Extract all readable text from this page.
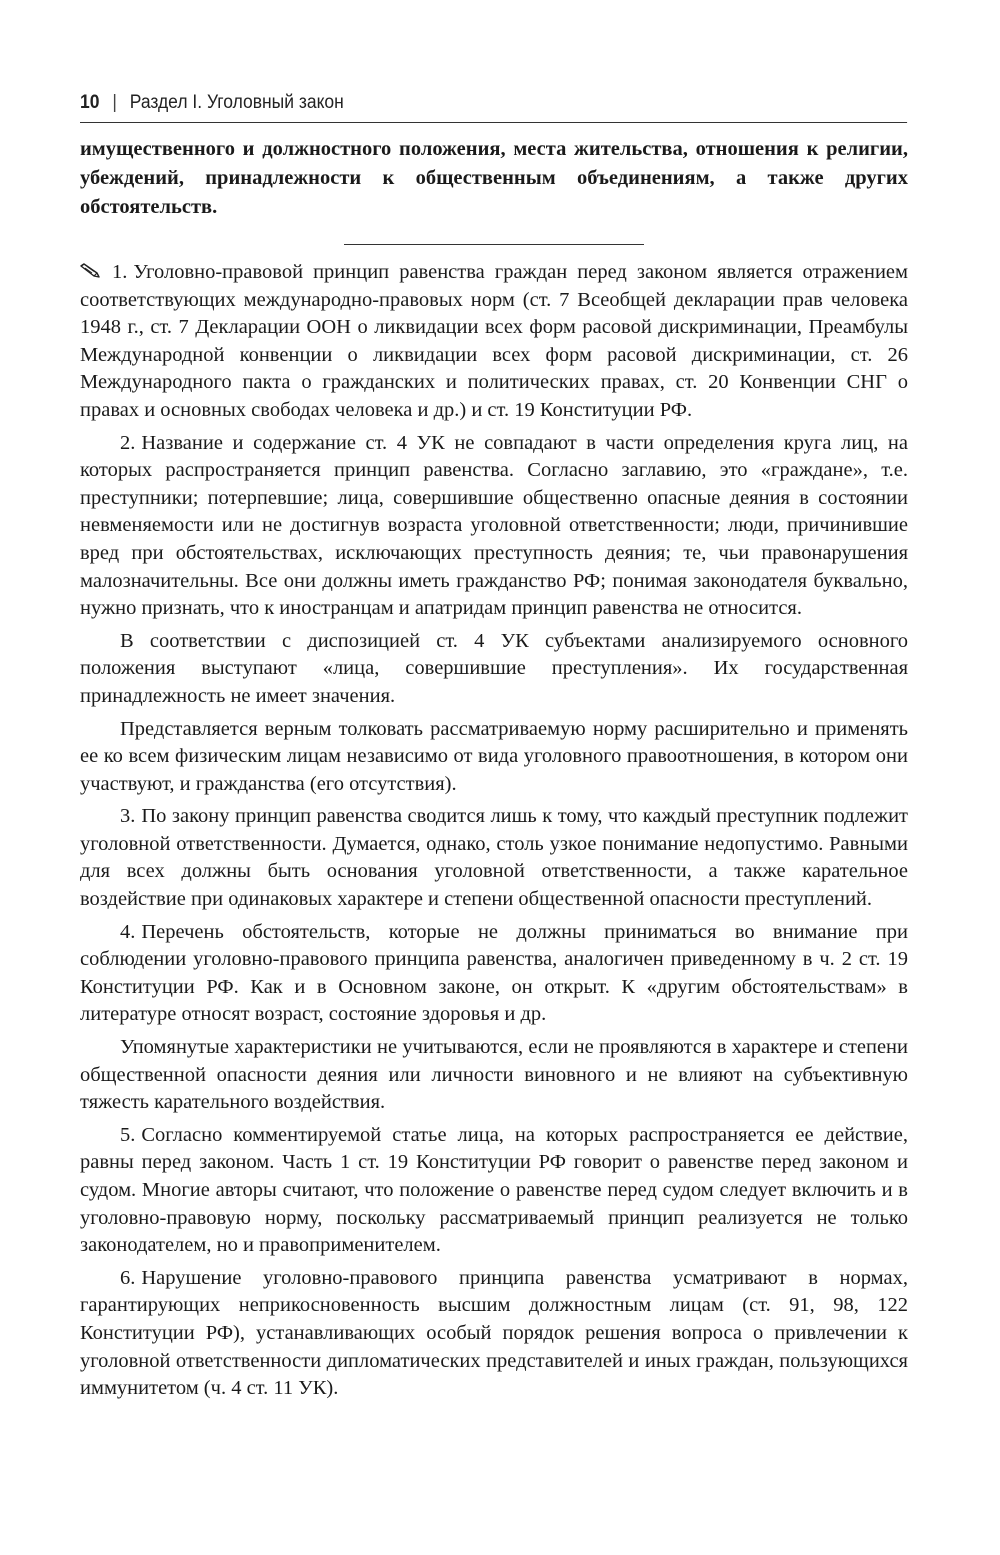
10 | Раздел I. Уголовный закон

имущественного и должностного положения, места жительства, отношения к религии, убеждений, принадлежности к общественным объединениям, а также других обстоятельств.

1. Уголовно-правовой принцип равенства граждан перед законом является отражением соответствующих международно-правовых норм (ст. 7 Всеобщей декларации прав человека 1948 г., ст. 7 Декларации ООН о ликвидации всех форм расовой дискриминации, Преамбулы Международной конвенции о ликвидации всех форм расовой дискриминации, ст. 26 Международного пакта о гражданских и политических правах, ст. 20 Конвенции СНГ о правах и основных свободах человека и др.) и ст. 19 Конституции РФ.

2. Название и содержание ст. 4 УК не совпадают в части определения круга лиц, на которых распространяется принцип равенства. Согласно заглавию, это «граждане», т.е. преступники; потерпевшие; лица, совершившие общественно опасные деяния в состоянии невменяемости или не достигнув возраста уголовной ответственности; люди, причинившие вред при обстоятельствах, исключающих преступность деяния; те, чьи правонарушения малозначительны. Все они должны иметь гражданство РФ; понимая законодателя буквально, нужно признать, что к иностранцам и апатридам принцип равенства не относится.

В соответствии с диспозицией ст. 4 УК субъектами анализируемого основного положения выступают «лица, совершившие преступления». Их государственная принадлежность не имеет значения.

Представляется верным толковать рассматриваемую норму расширительно и применять ее ко всем физическим лицам независимо от вида уголовного правоотношения, в котором они участвуют, и гражданства (его отсутствия).

3. По закону принцип равенства сводится лишь к тому, что каждый преступник подлежит уголовной ответственности. Думается, однако, столь узкое понимание недопустимо. Равными для всех должны быть основания уголовной ответственности, а также карательное воздействие при одинаковых характере и степени общественной опасности преступлений.

4. Перечень обстоятельств, которые не должны приниматься во внимание при соблюдении уголовно-правового принципа равенства, аналогичен приведенному в ч. 2 ст. 19 Конституции РФ. Как и в Основном законе, он открыт. К «другим обстоятельствам» в литературе относят возраст, состояние здоровья и др.

Упомянутые характеристики не учитываются, если не проявляются в характере и степени общественной опасности деяния или личности виновного и не влияют на субъективную тяжесть карательного воздействия.

5. Согласно комментируемой статье лица, на которых распространяется ее действие, равны перед законом. Часть 1 ст. 19 Конституции РФ говорит о равенстве перед законом и судом. Многие авторы считают, что положение о равенстве перед судом следует включить и в уголовно-правовую норму, поскольку рассматриваемый принцип реализуется не только законодателем, но и правоприменителем.

6. Нарушение уголовно-правового принципа равенства усматривают в нормах, гарантирующих неприкосновенность высшим должностным лицам (ст. 91, 98, 122 Конституции РФ), устанавливающих особый порядок решения вопроса о привлечении к уголовной ответственности дипломатических представителей и иных граждан, пользующихся иммунитетом (ч. 4 ст. 11 УК).
